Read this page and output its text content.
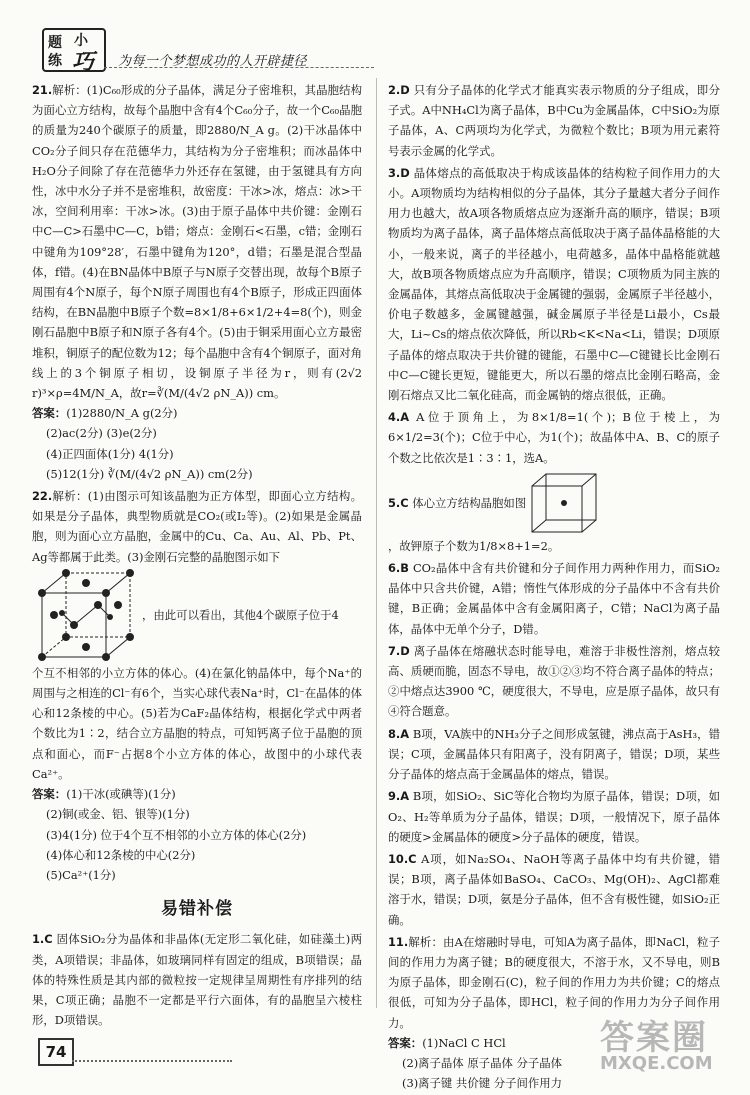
题 小
练 巧 为每一个梦想成功的人开辟捷径

21.解析：(1)C₆₀形成的分子晶体，满足分子密堆积，其晶胞结构为面心立方结构，故每个晶胞中含有4个C₆₀分子，故一个C₆₀晶胞的质量为240个碳原子的质量，即2880/N_A g。(2)干冰晶体中CO₂分子间只存在范德华力，其结构为分子密堆积；而冰晶体中H₂O分子间除了存在范德华力外还存在氢键，由于氢键具有方向性，冰中水分子并不是密堆积，故密度：干冰>冰，熔点：冰>干冰，空间利用率：干冰>冰。(3)由于原子晶体中共价键：金刚石中C—C>石墨中C—C，b错；熔点：金刚石<石墨，c错；金刚石中键角为109°28′，石墨中键角为120°，d错；石墨是混合型晶体，f错。(4)在BN晶体中B原子与N原子交替出现，故每个B原子周围有4个N原子，每个N原子周围也有4个B原子，形成正四面体结构，在BN晶胞中B原子个数=8×1/8+6×1/2+4=8(个)，则金刚石晶胞中B原子和N原子各有4个。(5)由于铜采用面心立方最密堆积，铜原子的配位数为12；每个晶胞中含有4个铜原子，面对角线上的3个铜原子相切，设铜原子半径为r，则有(2√2 r)³×ρ=4M/N_A，故r=∛(M/(4√2 ρN_A)) cm。

答案：(1)2880/N_A g(2分)

(2)ac(2分) (3)e(2分)

(4)正四面体(1分) 4(1分)

(5)12(1分) ∛(M/(4√2 ρN_A)) cm(2分)

22.解析：(1)由图示可知该晶胞为正方体型，即面心立方结构。如果是分子晶体，典型物质就是CO₂(或I₂等)。(2)如果是金属晶胞，则为面心立方晶胞，金属中的Cu、Ca、Au、Al、Pb、Pt、Ag等都属于此类。(3)金刚石完整的晶胞图示如下

，由此可以看出，其他4个碳原子位于4

个互不相邻的小立方体的体心。(4)在氯化钠晶体中，每个Na⁺的周围与之相连的Cl⁻有6个，当实心球代表Na⁺时，Cl⁻在晶体的体心和12条棱的中心。(5)若为CaF₂晶体结构，根据化学式中两者个数比为1∶2，结合立方晶胞的特点，可知钙离子位于晶胞的顶点和面心，而F⁻占据8个小立方体的体心，故图中的小球代表Ca²⁺。

答案：(1)干冰(或碘等)(1分)

(2)铜(或金、铝、银等)(1分)

(3)4(1分) 位于4个互不相邻的小立方体的体心(2分)

(4)体心和12条棱的中心(2分)

(5)Ca²⁺(1分)

易错补偿

1.C 固体SiO₂分为晶体和非晶体(无定形二氧化硅，如硅藻土)两类，A项错误；非晶体，如玻璃同样有固定的组成，B项错误；晶体的特殊性质是其内部的微粒按一定规律呈周期性有序排列的结果，C项正确；晶胞不一定都是平行六面体，有的晶胞呈六棱柱形，D项错误。

2.D 只有分子晶体的化学式才能真实表示物质的分子组成，即分子式。A中NH₄Cl为离子晶体，B中Cu为金属晶体，C中SiO₂为原子晶体，A、C两项均为化学式，为微粒个数比；B项为用元素符号表示金属的化学式。

3.D 晶体熔点的高低取决于构成该晶体的结构粒子间作用力的大小。A项物质均为结构相似的分子晶体，其分子量越大者分子间作用力也越大，故A项各物质熔点应为逐渐升高的顺序，错误；B项物质均为离子晶体，离子晶体熔点高低取决于离子晶体晶格能的大小，一般来说，离子的半径越小，电荷越多，晶体中晶格能就越大，故B项各物质熔点应为升高顺序，错误；C项物质为同主族的金属晶体，其熔点高低取决于金属键的强弱，金属原子半径越小，价电子数越多，金属键越强，碱金属原子半径是Li最小，Cs最大，Li~Cs的熔点依次降低，所以Rb<K<Na<Li，错误；D项原子晶体的熔点取决于共价键的键能，石墨中C—C键键长比金刚石中C—C键长更短，键能更大，所以石墨的熔点比金刚石略高，金刚石熔点又比二氧化硅高，而金属钠的熔点很低，正确。

4.A A位于顶角上，为8×1/8=1(个)；B位于棱上，为6×1/2=3(个)；C位于中心，为1(个)；故晶体中A、B、C的原子个数之比依次是1∶3∶1，选A。

5.C 体心立方结构晶胞如图

，故钾原子个数为1/8×8+1=2。

6.B CO₂晶体中含有共价键和分子间作用力两种作用力，而SiO₂晶体中只含共价键，A错；惰性气体形成的分子晶体中不含有共价键，B正确；金属晶体中含有金属阳离子，C错；NaCl为离子晶体，晶体中无单个分子，D错。

7.D 离子晶体在熔融状态时能导电，难溶于非极性溶剂，熔点较高、质硬而脆，固态不导电，故①②③均不符合离子晶体的特点；②中熔点达3900 ℃，硬度很大，不导电，应是原子晶体，故只有④符合题意。

8.A B项，VA族中的NH₃分子之间形成氢键，沸点高于AsH₃，错误；C项，金属晶体只有阳离子，没有阴离子，错误；D项，某些分子晶体的熔点高于金属晶体的熔点，错误。

9.A B项，如SiO₂、SiC等化合物均为原子晶体，错误；D项，如O₂、H₂等单质为分子晶体，错误；D项，一般情况下，原子晶体的硬度>金属晶体的硬度>分子晶体的硬度，错误。

10.C A项，如Na₂SO₄、NaOH等离子晶体中均有共价键，错误；B项，离子晶体如BaSO₄、CaCO₃、Mg(OH)₂、AgCl都难溶于水，错误；D项，氨是分子晶体，但不含有极性键，如SiO₂正确。

11.解析：由A在熔融时导电，可知A为离子晶体，即NaCl，粒子间的作用力为离子键；B的硬度很大，不溶于水，又不导电，则B为原子晶体，即金刚石(C)，粒子间的作用力为共价键；C的熔点很低，可知为分子晶体，即HCl，粒子间的作用力为分子间作用力。

答案：(1)NaCl C HCl

(2)离子晶体 原子晶体 分子晶体

(3)离子键 共价键 分子间作用力

74	答案圈
MXQE.COM
